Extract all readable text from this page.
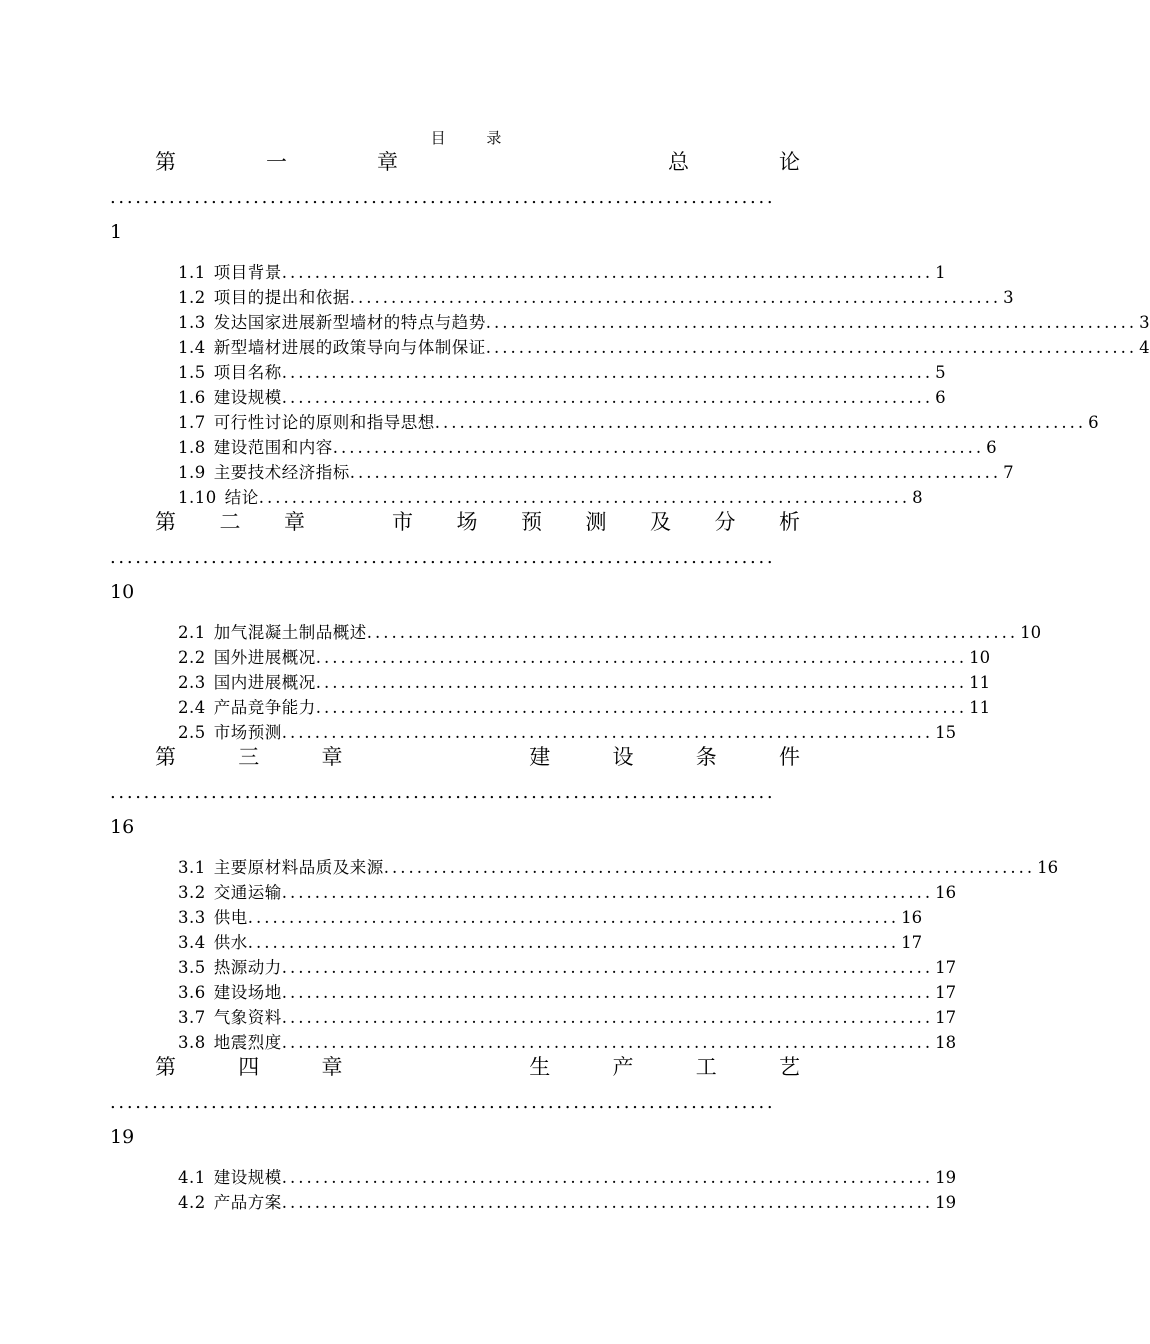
目 录
第	一	章	总	论
...............................................................................
1
1.1 项目背景 ............................................................................... 1
1.2 项目的提出和依据 ............................................................................... 3
1.3 发达国家进展新型墙材的特点与趋势 ............................................................................... 3
1.4 新型墙材进展的政策导向与体制保证 ............................................................................... 4
1.5 项目名称 ............................................................................... 5
1.6 建设规模 ............................................................................... 6
1.7 可行性讨论的原则和指导思想 ............................................................................... 6
1.8 建设范围和内容 ............................................................................... 6
1.9 主要技术经济指标 ............................................................................... 7
1.10 结论 ............................................................................... 8
第 二 章	市 场 预 测 及 分 析
...............................................................................
10
2.1 加气混凝土制品概述 ............................................................................... 10
2.2 国外进展概况 ............................................................................... 10
2.3 国内进展概况 ............................................................................... 11
2.4 产品竞争能力 ............................................................................... 11
2.5 市场预测 ............................................................................... 15
第	三	章	建	设	条	件
...............................................................................
16
3.1 主要原材料品质及来源 ............................................................................... 16
3.2 交通运输 ............................................................................... 16
3.3 供电 ............................................................................... 16
3.4 供水 ............................................................................... 17
3.5 热源动力 ............................................................................... 17
3.6 建设场地 ............................................................................... 17
3.7 气象资料 ............................................................................... 17
3.8 地震烈度 ............................................................................... 18
第	四	章	生	产	工	艺
...............................................................................
19
4.1 建设规模 ............................................................................... 19
4.2 产品方案 ............................................................................... 19
